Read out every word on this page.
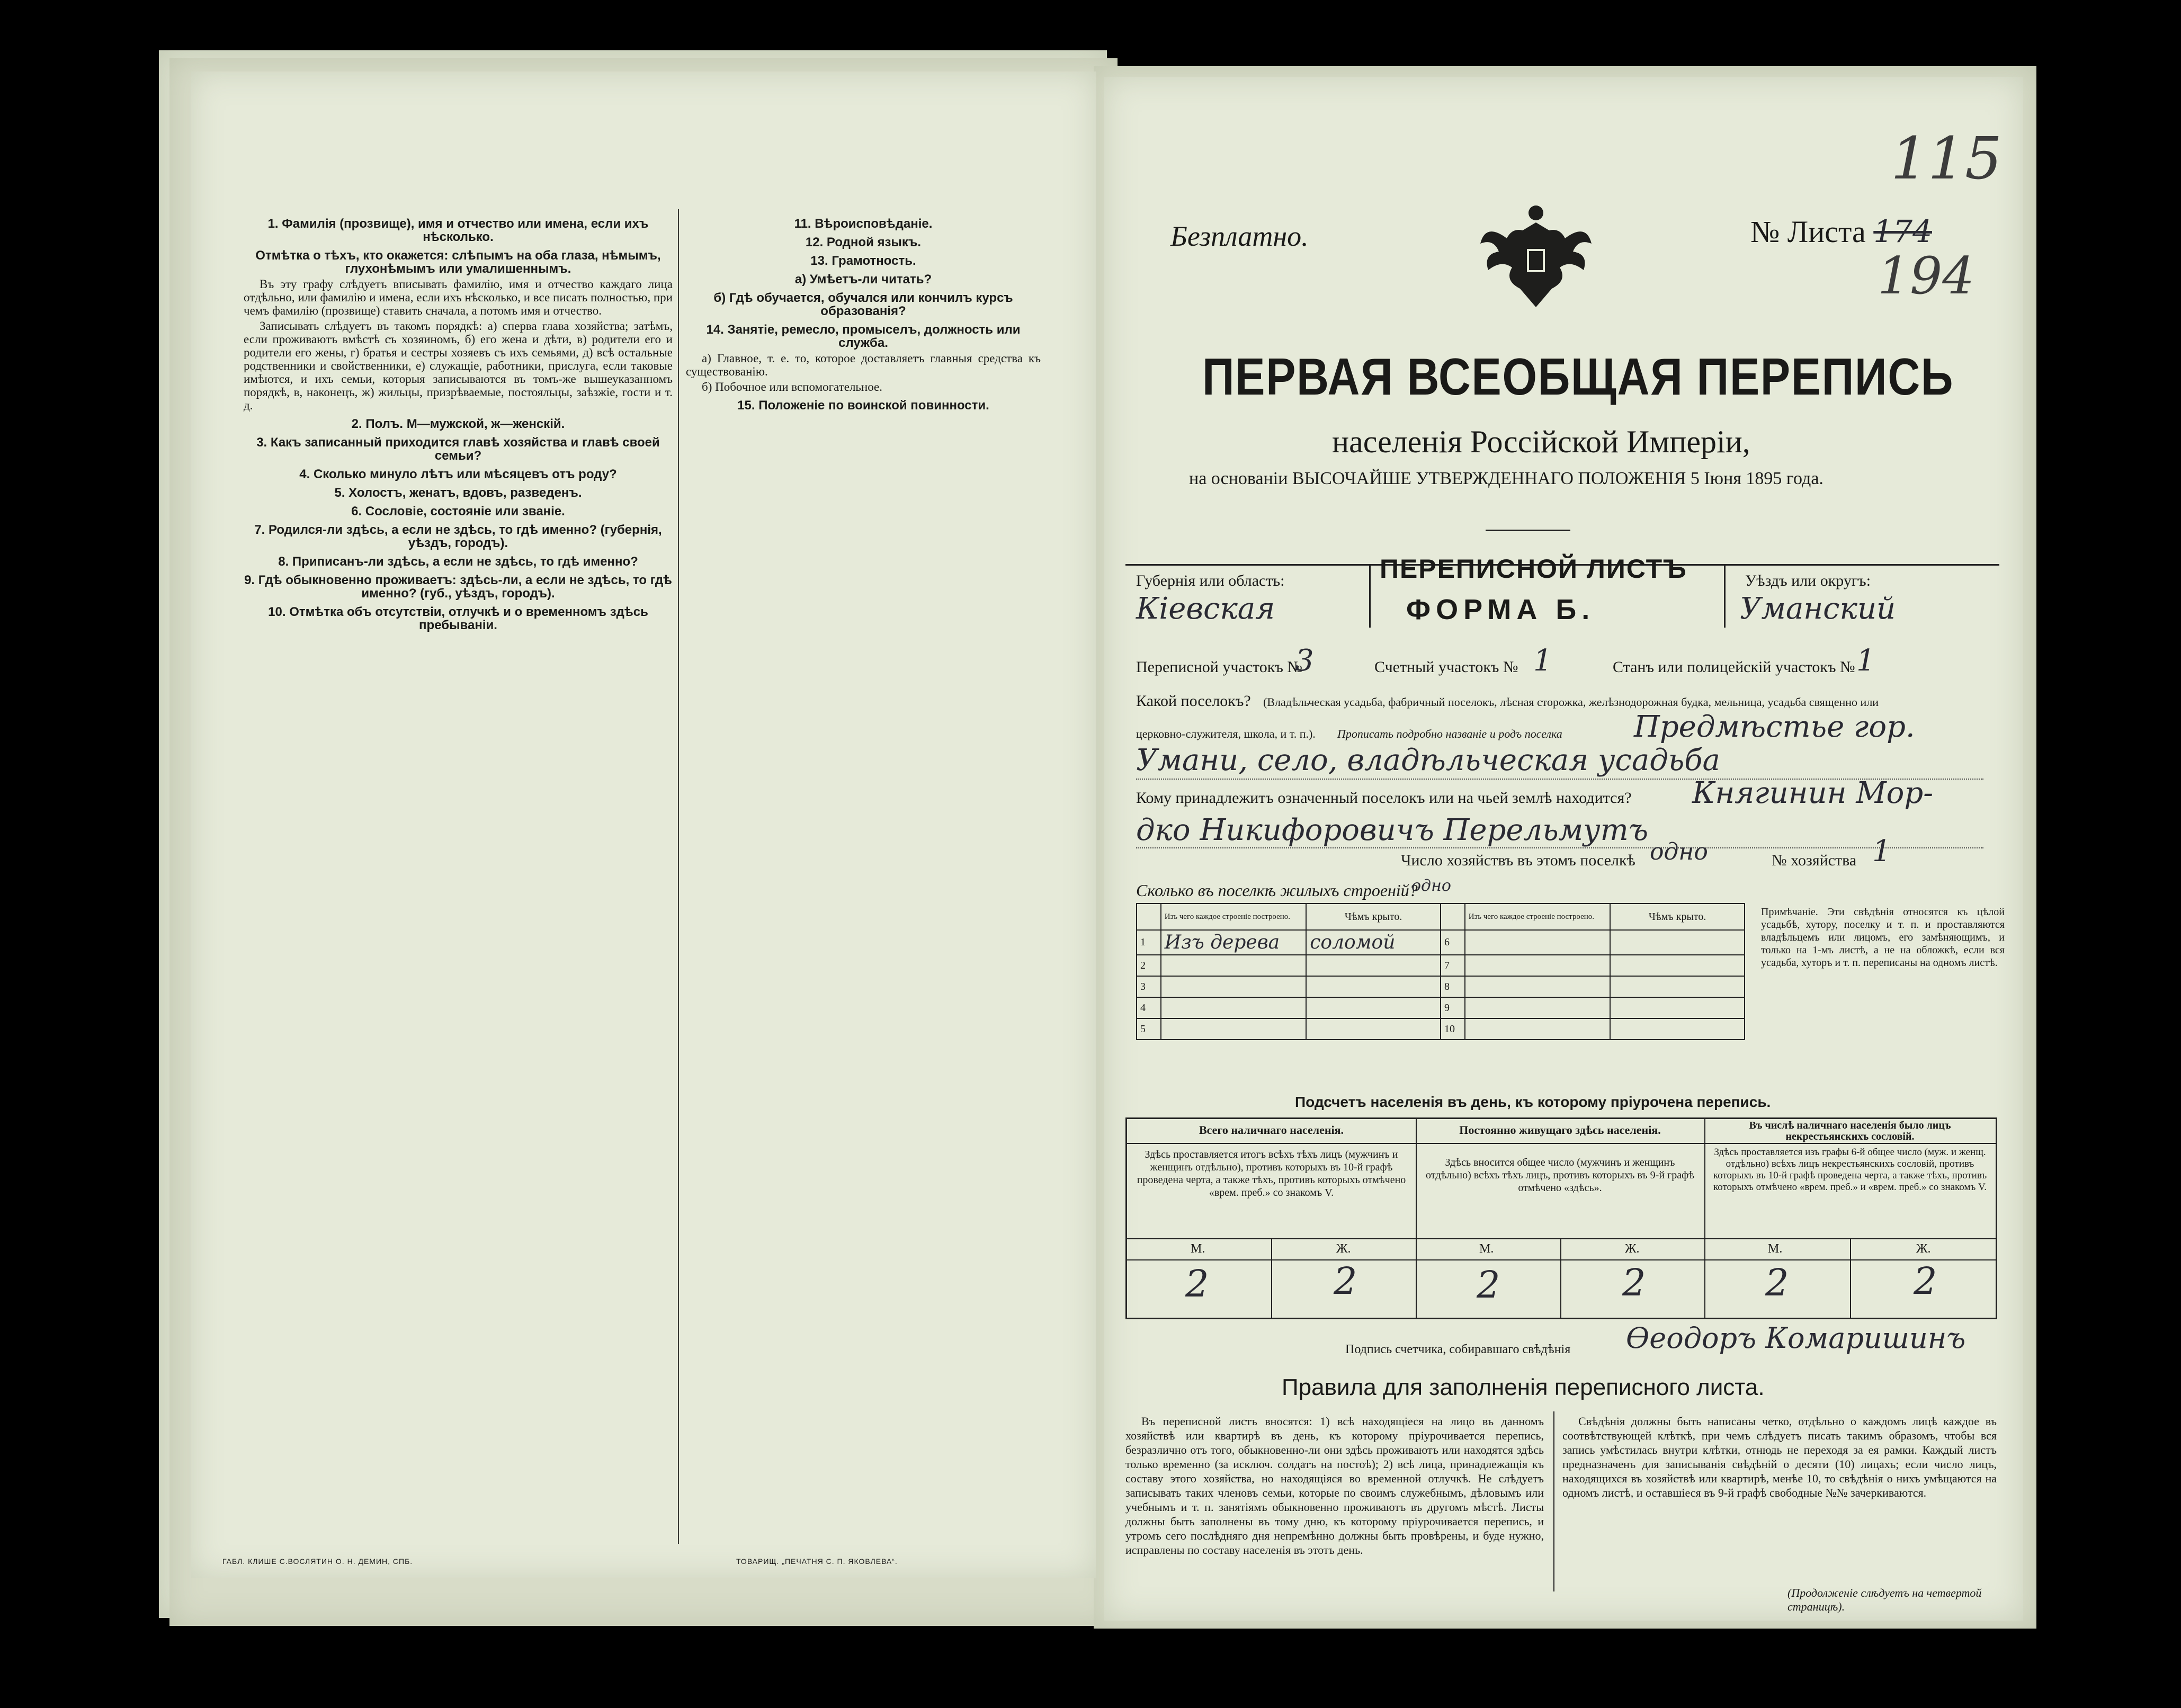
1. Фамилія (прозвище), имя и отчество или имена, если ихъ нѣсколько.
Отмѣтка о тѣхъ, кто окажется: слѣпымъ на оба глаза, нѣмымъ, глухонѣмымъ или умалишеннымъ.

Въ эту графу слѣдуетъ вписывать фамилію, имя и отчество каждаго лица отдѣльно, или фамилію и имена, если ихъ нѣсколько, и все писать полностью, при чемъ фамилію (прозвище) ставить сначала, а потомъ имя и отчество.

Записывать слѣдуетъ въ такомъ порядкѣ: а) сперва глава хозяйства; затѣмъ, если проживаютъ вмѣстѣ съ хозяиномъ, б) его жена и дѣти, в) родители его и родители его жены, г) братья и сестры хозяевъ съ ихъ семьями, д) всѣ остальные родственники и свойственники, е) служащіе, работники, прислуга, если таковые имѣются, и ихъ семьи, которыя записываются въ томъ-же вышеуказанномъ порядкѣ, в, наконецъ, ж) жильцы, призрѣваемые, постояльцы, заѣзжіе, гости и т. д.

2. Полъ. М—мужской, ж—женскій.
3. Какъ записанный приходится главѣ хозяйства и главѣ своей семьи?
4. Сколько минуло лѣтъ или мѣсяцевъ отъ роду?
5. Холостъ, женатъ, вдовъ, разведенъ.
6. Сословіе, состояніе или званіе.
7. Родился-ли здѣсь, а если не здѣсь, то гдѣ именно? (губернія, уѣздъ, городъ).
8. Приписанъ-ли здѣсь, а если не здѣсь, то гдѣ именно?
9. Гдѣ обыкновенно проживаетъ: здѣсь-ли, а если не здѣсь, то гдѣ именно? (губ., уѣздъ, городъ).
10. Отмѣтка объ отсутствіи, отлучкѣ и о временномъ здѣсь пребываніи.
11. Вѣроисповѣданіе.
12. Родной языкъ.
13. Грамотность.
a) Умѣетъ-ли читать?
б) Гдѣ обучается, обучался или кончилъ курсъ образованія?
14. Занятіе, ремесло, промыселъ, должность или служба.

а) Главное, т. е. то, которое доставляетъ главныя средства къ существованію.

б) Побочное или вспомогательное.

15. Положеніе по воинской повинности.
ГАБЛ. КЛИШЕ С.ВОСЛЯТИН О. Н. ДЕМИН, СПБ.	ТОВАРИЩ. „ПЕЧАТНЯ С. П. ЯКОВЛЕВА“.
Безплатно.	№ Листа 174
115
194
ПЕРВАЯ ВСЕОБЩАЯ ПЕРЕПИСЬ
населенія Россійской Имперіи,
на основаніи ВЫСОЧАЙШЕ УТВЕРЖДЕННАГО ПОЛОЖЕНІЯ 5 Іюня 1895 года.
Губернія или область:
Кіевская
ПЕРЕПИСНОЙ ЛИСТЪ
ФОРМА Б.
Уѣздъ или округъ:
Уманский
Переписной участокъ №
3	Счетный участокъ № 1	Станъ или полицейскій участокъ № 1
Какой поселокъ? (Владѣльческая усадьба, фабричный поселокъ, лѣсная сторожка, желѣзнодорожная будка, мельница, усадьба священно или
церковно-служителя, школа, и т. п.). Прописать подробно названіе и родъ поселка Предмѣстье гор.
Умани, село, владѣльческая усадьба
Кому принадлежитъ означенный поселокъ или на чьей землѣ находится? Княгинин Мор-
дко Никифоровичъ Перельмутъ
Число хозяйствъ въ этомъ поселкѣ одно	№ хозяйства 1
Сколько въ поселкѣ жилыхъ строеній?
одно
	Изъ чего каждое строеніе построено.	Чѣмъ крыто.		Изъ чего каждое строеніе построено.	Чѣмъ крыто.
1	Изъ дерева	соломой	6		
2			7		
3			8		
4			9		
5			10		
Примѣчаніе. Эти свѣдѣнія относятся къ цѣлой усадьбѣ, хутору, поселку и т. п. и проставляются владѣльцемъ или лицомъ, его замѣняющимъ, и только на 1-мъ листѣ, а не на обложкѣ, если вся усадьба, хуторъ и т. п. переписаны на одномъ листѣ.
Подсчетъ населенія въ день, къ которому пріурочена перепись.
Всего наличнаго населенія.	Постоянно живущаго здѣсь населенія.	Въ числѣ наличнаго населенія было лицъ некрестьянскихъ сословій.
Здѣсь проставляется итогъ всѣхъ тѣхъ лицъ (мужчинъ и женщинъ отдѣльно), противъ которыхъ въ 10-й графѣ проведена черта, а также тѣхъ, противъ которыхъ отмѣчено «врем. преб.» со знакомъ V.
Здѣсь вносится общее число (мужчинъ и женщинъ отдѣльно) всѣхъ тѣхъ лицъ, противъ которыхъ въ 9-й графѣ отмѣчено «здѣсь».
Здѣсь проставляется изъ графы 6-й общее число (муж. и женщ. отдѣльно) всѣхъ лицъ некрестьянскихъ сословій, противъ которыхъ въ 10-й графѣ проведена черта, а также тѣхъ, противъ которыхъ отмѣчено «врем. преб.» и «врем. преб.» со знакомъ V.
М.	Ж.	М.	Ж.	М.	Ж.
2	2	2	2	2	2
Подпись счетчика, собиравшаго свѣдѣнія Ѳеодоръ Комаришинъ
Правила для заполненія переписного листа.

Въ переписной листъ вносятся: 1) всѣ находящіеся на лицо въ данномъ хозяйствѣ или квартирѣ въ день, къ которому пріурочивается перепись, безразлично отъ того, обыкновенно-ли они здѣсь проживаютъ или находятся здѣсь только временно (за исключ. солдатъ на постоѣ); 2) всѣ лица, принадлежащія къ составу этого хозяйства, но находящіяся во временной отлучкѣ. Не слѣдуетъ записывать таких членовъ семьи, которые по своимъ служебнымъ, дѣловымъ или учебнымъ и т. п. занятіямъ обыкновенно проживаютъ въ другомъ мѣстѣ. Листы должны быть заполнены въ тому дню, къ которому пріурочивается перепись, и утромъ сего послѣдняго дня непремѣнно должны быть провѣрены, и буде нужно, исправлены по составу населенія въ этотъ день.

Свѣдѣнія должны быть написаны четко, отдѣльно о каждомъ лицѣ каждое въ соотвѣтствующей клѣткѣ, при чемъ слѣдуетъ писать такимъ образомъ, чтобы вся запись умѣстилась внутри клѣтки, отнюдь не переходя за ея рамки. Каждый листъ предназначенъ для записыванія свѣдѣній о десяти (10) лицахъ; если число лицъ, находящихся въ хозяйствѣ или квартирѣ, менѣе 10, то свѣдѣнія о нихъ умѣщаются на одномъ листѣ, и оставшіеся въ 9-й графѣ свободные №№ зачеркиваются.

(Продолженіе слѣдуетъ на четвертой страницѣ).
